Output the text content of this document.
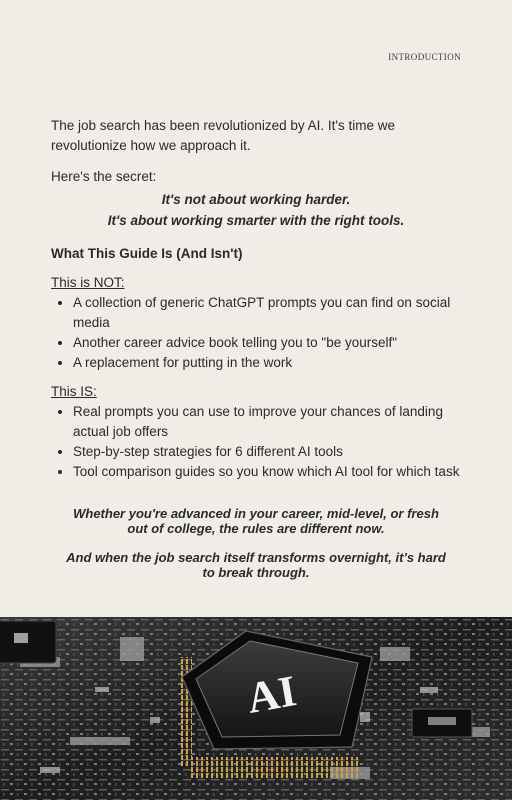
INTRODUCTION

The job search has been revolutionized by AI. It's time we revolutionize how we approach it.

Here's the secret:

It's not about working harder.
It's about working smarter with the right tools.
What This Guide Is (And Isn't)

This is NOT:

• A collection of generic ChatGPT prompts you can find on social media
• Another career advice book telling you to "be yourself"
• A replacement for putting in the work

This IS:

• Real prompts you can use to improve your chances of landing actual job offers
• Step-by-step strategies for 6 different AI tools
• Tool comparison guides so you know which AI tool for which task

Whether you're advanced in your career, mid-level, or fresh out of college, the rules are different now.

And when the job search itself transforms overnight, it’s hard to break through.

AI
